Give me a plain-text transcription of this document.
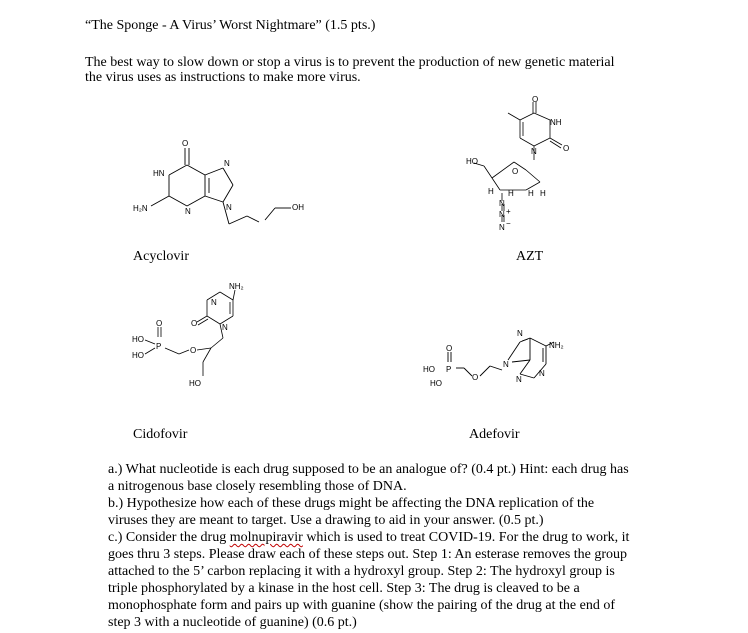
“The Sponge - A Virus’ Worst Nightmare” (1.5 pts.)
The best way to slow down or stop a virus is to prevent the production of new genetic material
the virus uses as instructions to make more virus.
O
HN
N
N	N
H₂N	OH
Acyclovir
O
NH
N	O
HO
O
H H H H
N
N
N
+
−
AZT
NH₂
N
N
O
O
HO
P
HO
O
HO
Cidofovir
O
HO P
HO
O
N
N
NH₂
N
N
Adefovir
a.) What nucleotide is each drug supposed to be an analogue of? (0.4 pt.) Hint: each drug has
a nitrogenous base closely resembling those of DNA.
b.) Hypothesize how each of these drugs might be affecting the DNA replication of the
viruses they are meant to target. Use a drawing to aid in your answer. (0.5 pt.)
c.) Consider the drug molnupiravir which is used to treat COVID-19. For the drug to work, it
goes thru 3 steps. Please draw each of these steps out. Step 1: An esterase removes the group
attached to the 5’ carbon replacing it with a hydroxyl group. Step 2: The hydroxyl group is
triple phosphorylated by a kinase in the host cell. Step 3: The drug is cleaved to be a
monophosphate form and pairs up with guanine (show the pairing of the drug at the end of
step 3 with a nucleotide of guanine) (0.6 pt.)
